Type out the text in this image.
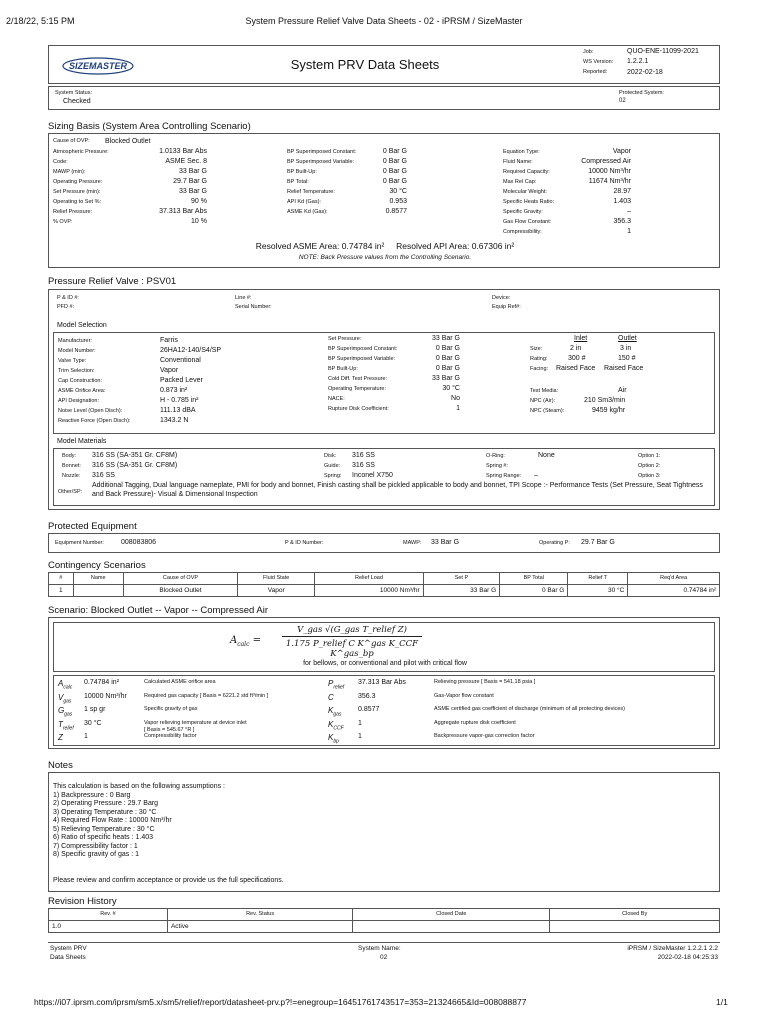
2/18/22, 5:15 PM	System Pressure Relief Valve Data Sheets - 02 - iPRSM / SizeMaster
SIZEMASTER	System PRV Data Sheets
Job:	QUO-ENE-11099-2021
WS Version: 1.2.2.1
Reported:	2022-02-18
System Status:
Checked
Protected System:
02
Sizing Basis (System Area Controlling Scenario)
Cause of OVP: Blocked Outlet
Resolved ASME Area: 0.74784 in²     Resolved API Area: 0.67306 in²
NOTE: Back Pressure values from the Controlling Scenario.
Atmospheric Pressure:	1.0133 Bar Abs
Code:	ASME Sec. 8
MAWP (min):	33 Bar G
Operating Pressure:	29.7 Bar G
Set Pressure (min):	33 Bar G
Operating to Set %:	90 %
Relief Pressure:	37.313 Bar Abs
% OVP:	10 %
BP Superimposed Constant:	0 Bar G
BP Superimposed Variable:	0 Bar G
BP Built-Up:	0 Bar G
BP Total:	0 Bar G
Relief Temperature:	30 °C
API Kd (Gas):	0.953
ASME Kd (Gas):	0.8577
Equation Type:	Vapor
Fluid Name:	Compressed Air
Required Capacity:	10000 Nm³/hr
Max Rel Cap:	11674 Nm³/hr
Molecular Weight:	28.97
Specific Heats Ratio:	1.403
Specific Gravity:	–
Gas Flow Constant:	356.3
Compressibility:	1
Pressure Relief Valve : PSV01
P & ID #:
PFD #:
Line #:
Serial Number:
Device:
Equip Ref#:
Model Selection
Inlet	Outlet
Size:	2 in	3 in
Rating:	300 #	150 #
Facing: Raised Face Raised Face
Test Media:	Air
NPC (Air):	210 Sm3/min
NPC (Steam):	9459 kg/hr
Manufacturer:	Farris
Model Number:	26HA12-140/S4/SP
Valve Type:	Conventional
Trim Selection:	Vapor
Cap Construction:	Packed Lever
ASME Orifice Area:	0.873 in²
API Designation:	H - 0.785 in²
Noise Level (Open Disch):	111.13 dBA
Reactive Force (Open Disch):	1343.2 N
Set Pressure:	33 Bar G
BP Superimposed Constant:	0 Bar G
BP Superimposed Variable:	0 Bar G
BP Built-Up:	0 Bar G
Cold Diff. Test Pressure:	33 Bar G
Operating Temperature:	30 °C
NACE:	No
Rupture Disk Coefficient:	1
Model Materials
Body: 316 SS (SA-351 Gr. CF8M)
Bonnet: 316 SS (SA-351 Gr. CF8M)
Nozzle: 316 SS
Disk: 316 SS
Guide: 316 SS
Spring: Inconel X750
O-Ring:	None
Spring #:
Spring Range: –
Option 1:
Option 2:
Option 3:
Other/SP:
Additional Tagging, Dual language nameplate, PMI for body and bonnet, Finish casting shall be pickled applicable to body and bonnet, TPI Scope :- Performance Tests (Set Pressure, Seat Tightness and Back Pressure)- Visual & Dimensional Inspection
Protected Equipment
Equipment Number: 008083806	P & ID Number:	MAWP: 33 Bar G	Operating P: 29.7 Bar G
Contingency Scenarios
#	Name	Cause of OVP	Fluid State	Relief Load	Set P	BP Total	Relief T	Req'd Area
1		Blocked Outlet	Vapor	10000 Nm³/hr	33 Bar G	0 Bar G	30 °C	0.74784 in²
Scenario: Blocked Outlet -- Vapor -- Compressed Air
$A_{calc}$ =
V_gas √(G_gas T_relief Z)
1.175 P_relief C K^gas K_CCF K^gas_bp
for bellows, or conventional and pilot with critical flow
$A_{calc}$
0.74784 in²	Calculated ASME orifice area
$V_{gas}$
10000 Nm³/hr	Required gas capacity [ Basis = 6221.2 std ft³/min ]
$G_{gas}$
1 sp gr	Specific gravity of gas
$T_{relief}$
30 °C	Vapor relieving temperature at device inlet
[ Basis = 545.67 °R ]
Z	1	Compressibility factor
$P_{relief}$
37.313 Bar Abs	Relieving pressure [ Basis = 541.18 psia ]
C	356.3	Gas-Vapor flow constant
$K_{gas}$
0.8577	ASME certified gas coefficient of discharge (minimum of all protecting devices)
$K_{CCF}$
1	Aggregate rupture disk coefficient
$K_{bp}$
1	Backpressure vapor-gas correction factor
Notes
This calculation is based on the following assumptions :
1) Backpressure : 0 Barg
2) Operating Pressure : 29.7 Barg
3) Operating Temperature : 30 °C
4) Required Flow Rate : 10000 Nm³/hr
5) Relieving Temperature : 30 °C
6) Ratio of specific heats : 1.403
7) Compressibility factor : 1
8) Specific gravity of gas : 1
Please review and confirm acceptance or provide us the full specifications.
Revision History
Rev. #	Rev. Status	Closed Date	Closed By
1.0	Active		
System PRV
Data Sheets
System Name:
02
iPRSM / SizeMaster 1.2.2.1 2.2
2022-02-18 04:25:33
https://i07.iprsm.com/iprsm/sm5.x/sm5/relief/report/datasheet-prv.p?!=enegroup=16451761743517=353=21324665&Id=008088877	1/1
